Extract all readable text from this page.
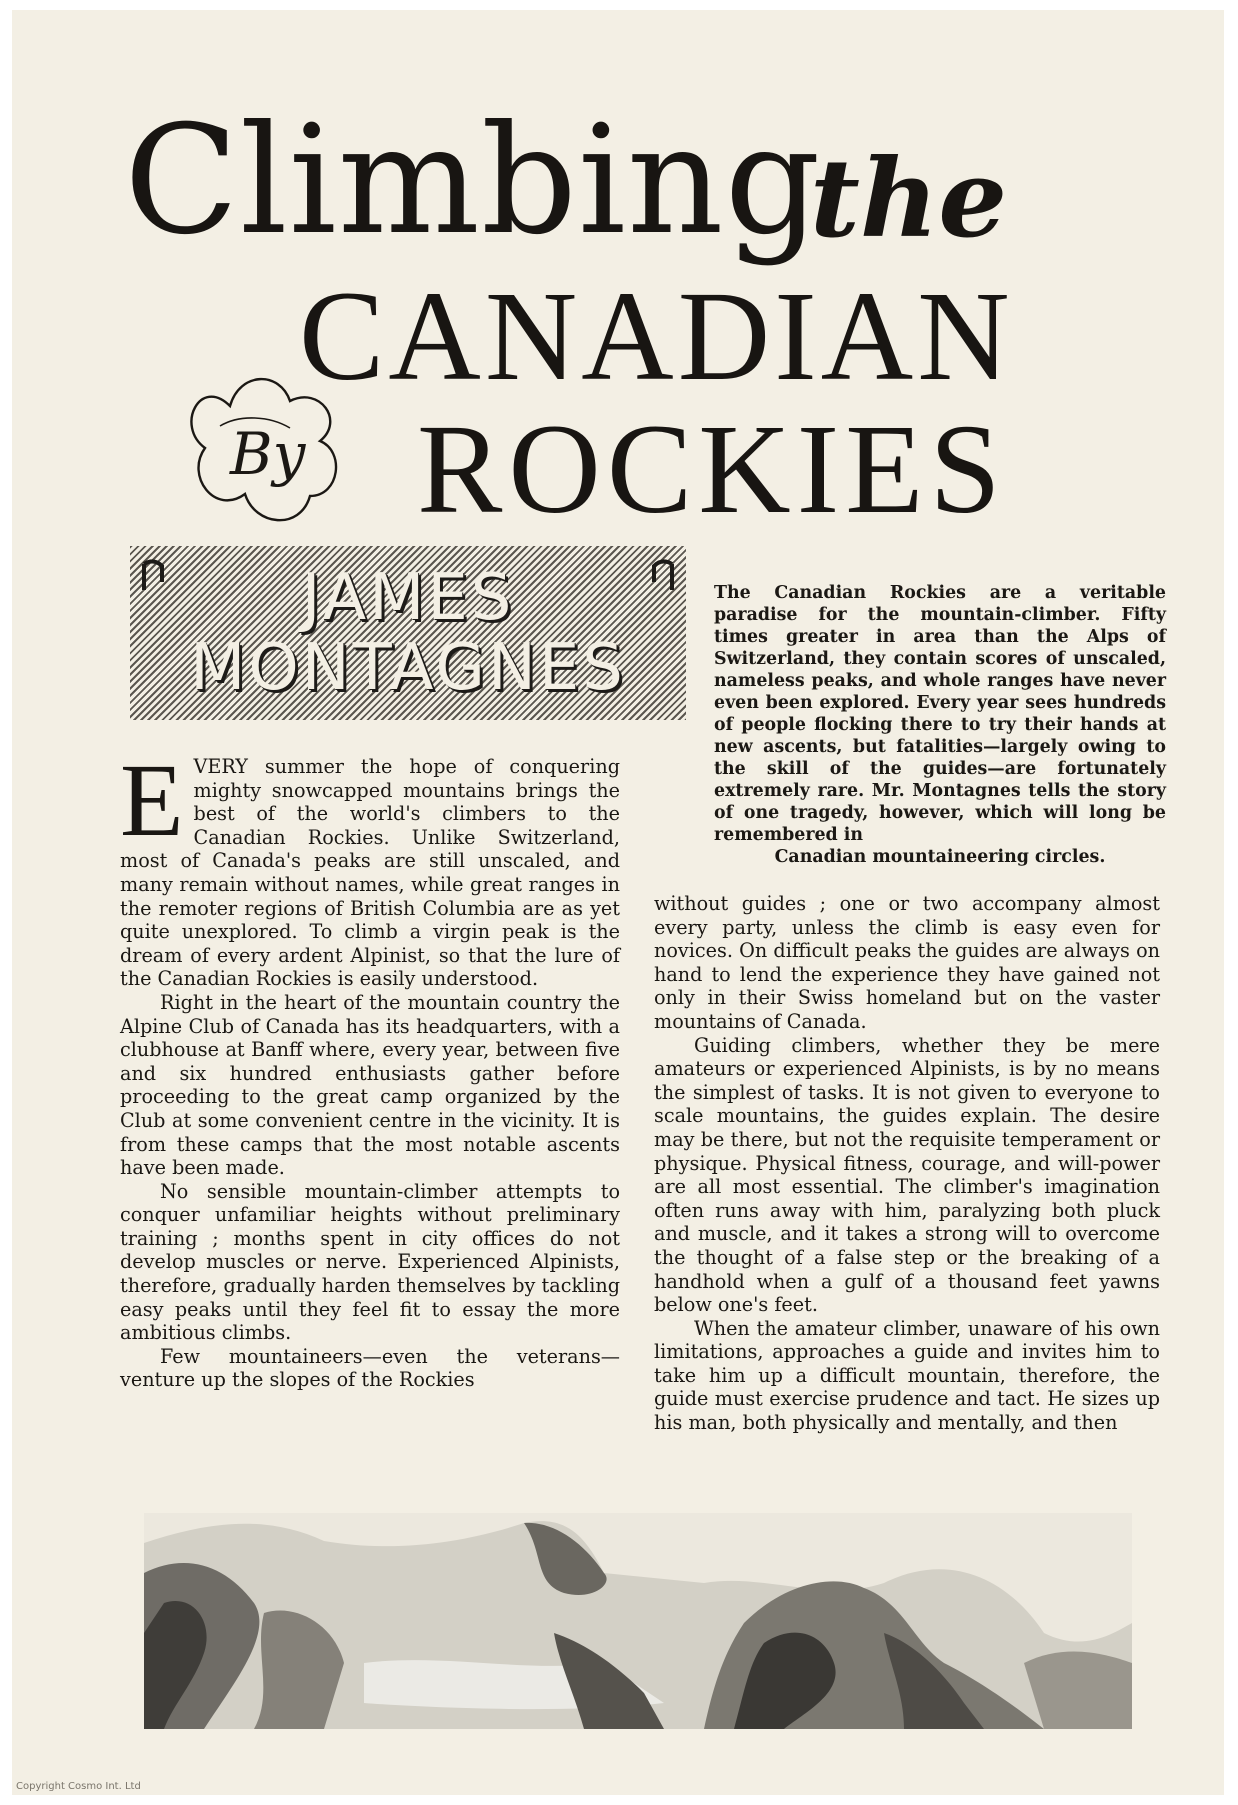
Climbing
the
CANADIAN
ROCKIES
By
JAMES
MONTAGNES

The Canadian Rockies are a veritable paradise for the mountain-climber. Fifty times greater in area than the Alps of Switzerland, they contain scores of unscaled, nameless peaks, and whole ranges have never even been explored. Every year sees hundreds of people flocking there to try their hands at new ascents, but fatalities—largely owing to the skill of the guides—are fortunately extremely rare. Mr. Montagnes tells the story of one tragedy, however, which will long be remembered in

Canadian mountaineering circles.

EVERY summer the hope of conquering mighty snowcapped mountains brings the best of the world's climbers to the Canadian Rockies. Unlike Switzerland, most of Canada's peaks are still unscaled, and many remain without names, while great ranges in the remoter regions of British Columbia are as yet quite unexplored. To climb a virgin peak is the dream of every ardent Alpinist, so that the lure of the Canadian Rockies is easily understood.

Right in the heart of the mountain country the Alpine Club of Canada has its headquarters, with a clubhouse at Banff where, every year, between five and six hundred enthusiasts gather before proceeding to the great camp organized by the Club at some convenient centre in the vicinity. It is from these camps that the most notable ascents have been made.

No sensible mountain-climber attempts to conquer unfamiliar heights without preliminary training ; months spent in city offices do not develop muscles or nerve. Experienced Alpinists, therefore, gradually harden themselves by tackling easy peaks until they feel fit to essay the more ambitious climbs.

Few mountaineers—even the veterans—venture up the slopes of the Rockies

without guides ; one or two accompany almost every party, unless the climb is easy even for novices. On difficult peaks the guides are always on hand to lend the experience they have gained not only in their Swiss homeland but on the vaster mountains of Canada.

Guiding climbers, whether they be mere amateurs or experienced Alpinists, is by no means the simplest of tasks. It is not given to everyone to scale mountains, the guides explain. The desire may be there, but not the requisite temperament or physique. Physical fitness, courage, and will-power are all most essential. The climber's imagination often runs away with him, paralyzing both pluck and muscle, and it takes a strong will to overcome the thought of a false step or the breaking of a handhold when a gulf of a thousand feet yawns below one's feet.

When the amateur climber, unaware of his own limitations, approaches a guide and invites him to take him up a difficult mountain, therefore, the guide must exercise prudence and tact. He sizes up his man, both physically and mentally, and then

Copyright Cosmo Int. Ltd
